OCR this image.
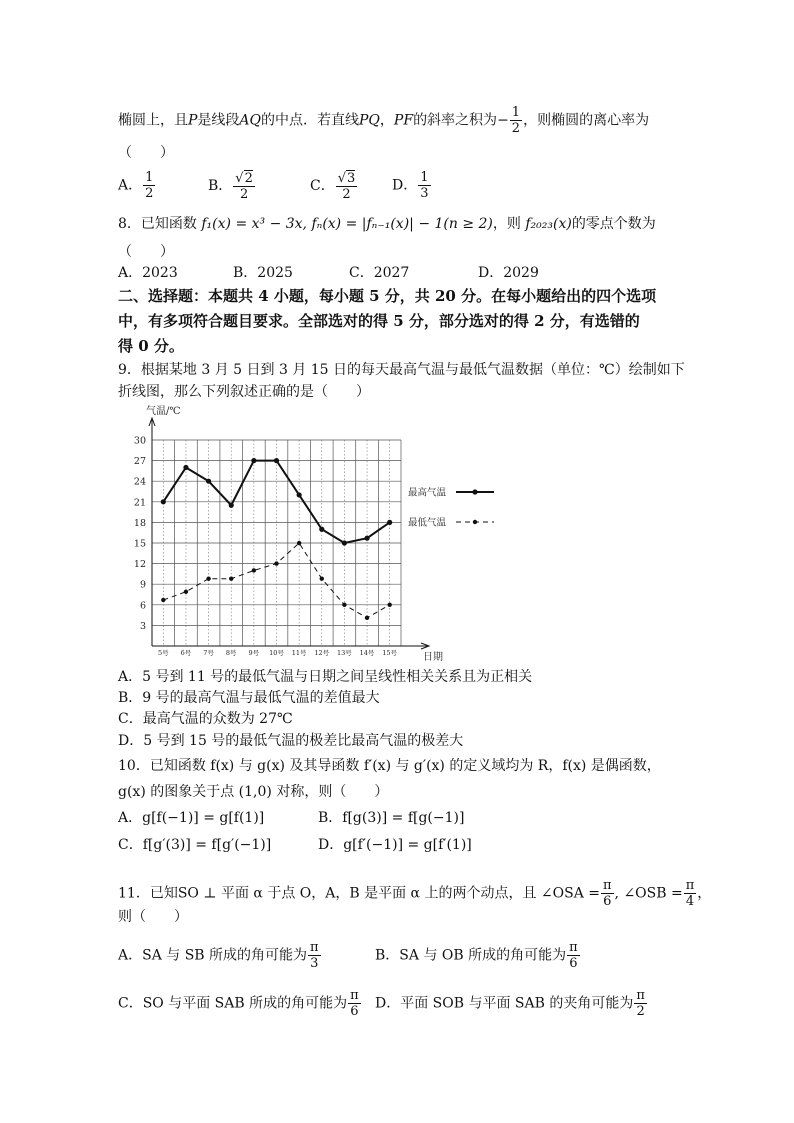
椭圆上，且P是线段AQ的中点．若直线PQ，PF的斜率之积为− $\frac{1}{2}$ ，则椭圆的离心率为
（　　）
A． $\frac{1}{2}$	B． $\frac{√2}{2}$	C． $\frac{√3}{2}$ D． $\frac{1}{3}$
8．已知函数 f₁(x) = x³ − 3x, fₙ(x) = |fₙ₋₁(x)| − 1(n ≥ 2)，则 f₂₀₂₃(x)的零点个数为
（　　）
A．2023	B．2025	C．2027	D．2029
二、选择题：本题共 4 小题，每小题 5 分，共 20 分。在每小题给出的四个选项
中，有多项符合题目要求。全部选对的得 5 分，部分选对的得 2 分，有选错的
得 0 分。
9．根据某地 3 月 5 日到 3 月 15 日的每天最高气温与最低气温数据（单位：℃）绘制如下
折线图，那么下列叙述正确的是（　　）
3
6
9
12
15
18
21
24
27
30
5号 6号 7号 8号 9号 10号 11号 12号 13号 14号 15号
气温/℃
日期
最高气温
最低气温
A．5 号到 11 号的最低气温与日期之间呈线性相关关系且为正相关
B．9 号的最高气温与最低气温的差值最大
C．最高气温的众数为 27℃
D．5 号到 15 号的最低气温的极差比最高气温的极差大
10．已知函数 f(x) 与 g(x) 及其导函数 f′(x) 与 g′(x) 的定义域均为 R，f(x) 是偶函数，
g(x) 的图象关于点 (1,0) 对称，则（　　）
A．g[f(−1)] = g[f(1)]	B．f[g(3)] = f[g(−1)]
C．f[g′(3)] = f[g′(−1)]	D．g[f′(−1)] = g[f′(1)]
11．已知SO ⊥ 平面 α 于点 O，A，B 是平面 α 上的两个动点，且 ∠OSA = $\frac{\pi}{6}$ , ∠OSB = $\frac{\pi}{4}$ ，
则（　　）
A．SA 与 SB 所成的角可能为 $\frac{\pi}{3}$	B．SA 与 OB 所成的角可能为 $\frac{\pi}{6}$
C．SO 与平面 SAB 所成的角可能为 $\frac{\pi}{6}$ D．平面 SOB 与平面 SAB 的夹角可能为 $\frac{\pi}{2}$
